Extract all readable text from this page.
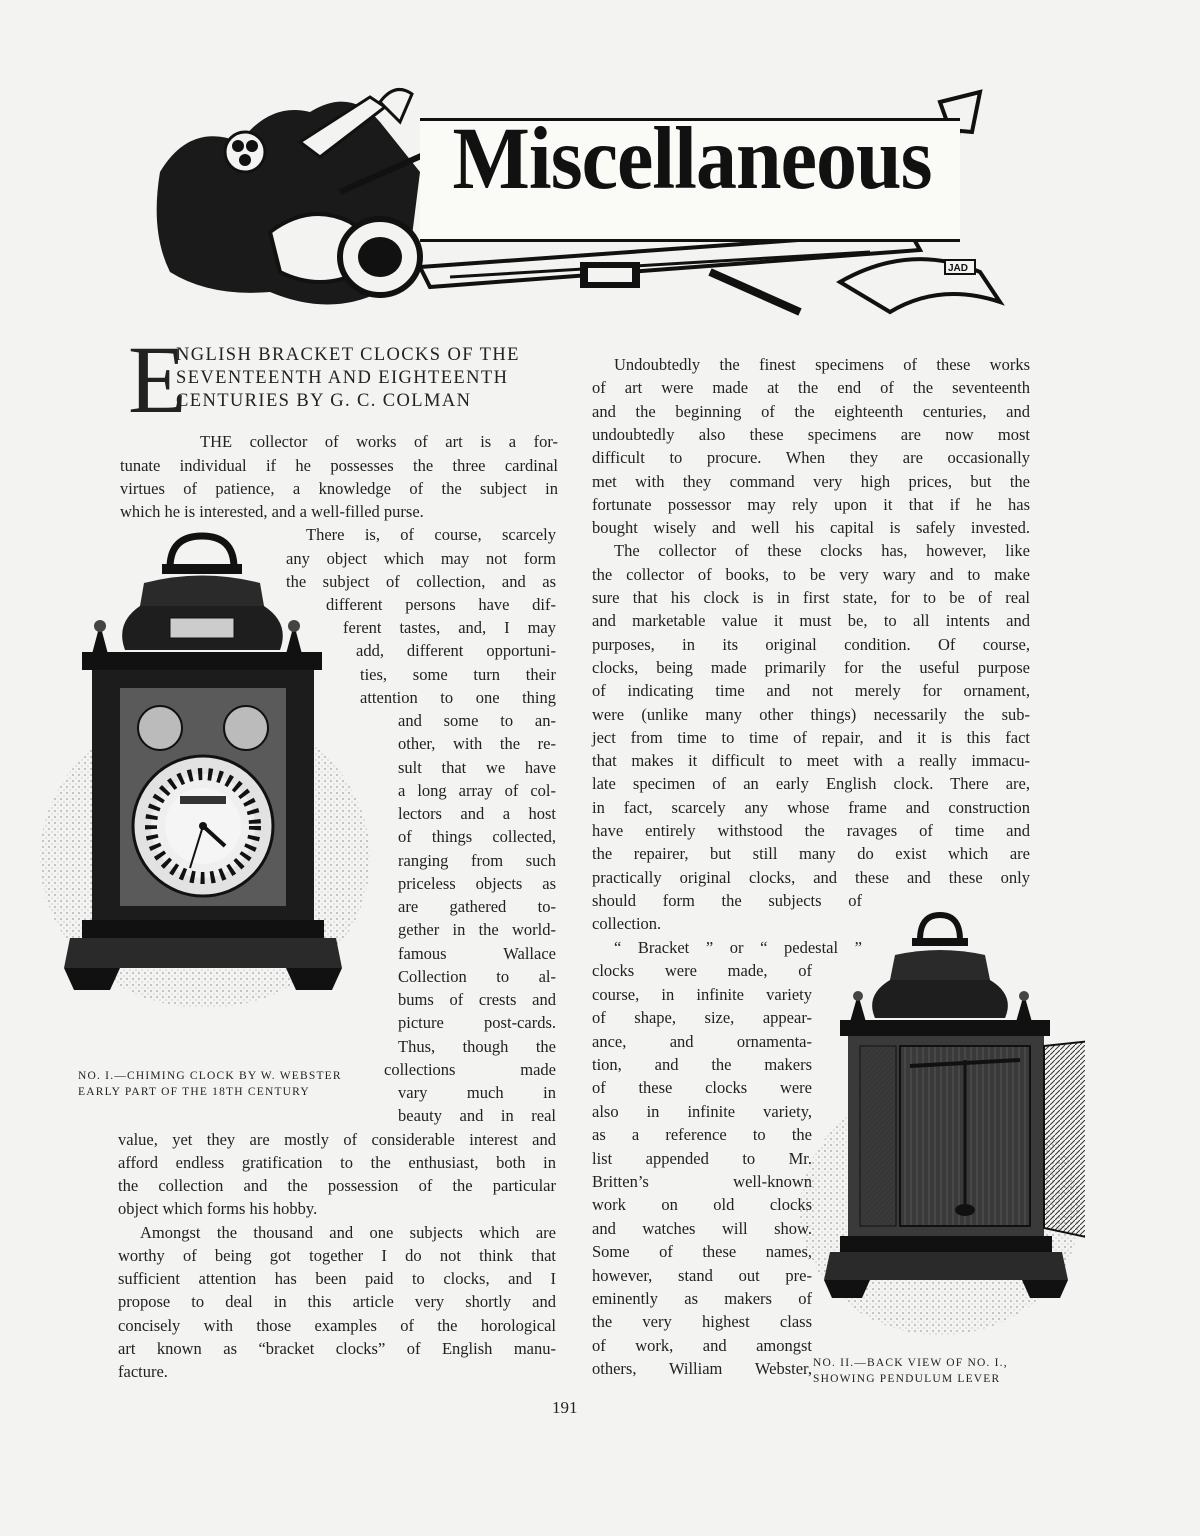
JAD
Miscellaneous
E
NGLISH BRACKET CLOCKS OF THE
SEVENTEENTH AND EIGHTEENTH
CENTURIES BY G. C. COLMAN
THE collector of works of art is a for-
tunate individual if he possesses the three cardinal
virtues of patience, a knowledge of the subject in
which he is interested, and a well-filled purse.
There is, of course, scarcely
any object which may not form
the subject of collection, and as
different persons have dif-
ferent tastes, and, I may
add, different opportuni-
ties, some turn their
attention to one thing
and some to an-
other, with the re-
sult that we have
a long array of col-
lectors and a host
of things collected,
ranging from such
priceless objects as
are gathered to-
gether in the world-
famous Wallace
Collection to al-
bums of crests and
picture post-cards.
Thus, though the
collections made
vary much in
beauty and in real
value, yet they are mostly of considerable interest and
afford endless gratification to the enthusiast, both in
the collection and the possession of the particular
object which forms his hobby.
Amongst the thousand and one subjects which are
worthy of being got together I do not think that
sufficient attention has been paid to clocks, and I
propose to deal in this article very shortly and
concisely with those examples of the horological
art known as “bracket clocks” of English manu-
facture.
Undoubtedly the finest specimens of these works
of art were made at the end of the seventeenth
and the beginning of the eighteenth centuries, and
undoubtedly also these specimens are now most
difficult to procure. When they are occasionally
met with they command very high prices, but the
fortunate possessor may rely upon it that if he has
bought wisely and well his capital is safely invested.
The collector of these clocks has, however, like
the collector of books, to be very wary and to make
sure that his clock is in first state, for to be of real
and marketable value it must be, to all intents and
purposes, in its original condition. Of course,
clocks, being made primarily for the useful purpose
of indicating time and not merely for ornament,
were (unlike many other things) necessarily the sub-
ject from time to time of repair, and it is this fact
that makes it difficult to meet with a really immacu-
late specimen of an early English clock. There are,
in fact, scarcely any whose frame and construction
have entirely withstood the ravages of time and
the repairer, but still many do exist which are
practically original clocks, and these and these only
should form the subjects of
collection.
“ Bracket ” or “ pedestal ”
clocks were made, of
course, in infinite variety
of shape, size, appear-
ance, and ornamenta-
tion, and the makers
of these clocks were
also in infinite variety,
as a reference to the
list appended to Mr.
Britten’s well-known
work on old clocks
and watches will show.
Some of these names,
however, stand out pre-
eminently as makers of
the very highest class
of work, and amongst
others, William Webster,
NO. I.—CHIMING CLOCK BY W. WEBSTER
EARLY PART OF THE 18TH CENTURY
NO. II.—BACK VIEW OF NO. I.,
SHOWING PENDULUM LEVER
191
